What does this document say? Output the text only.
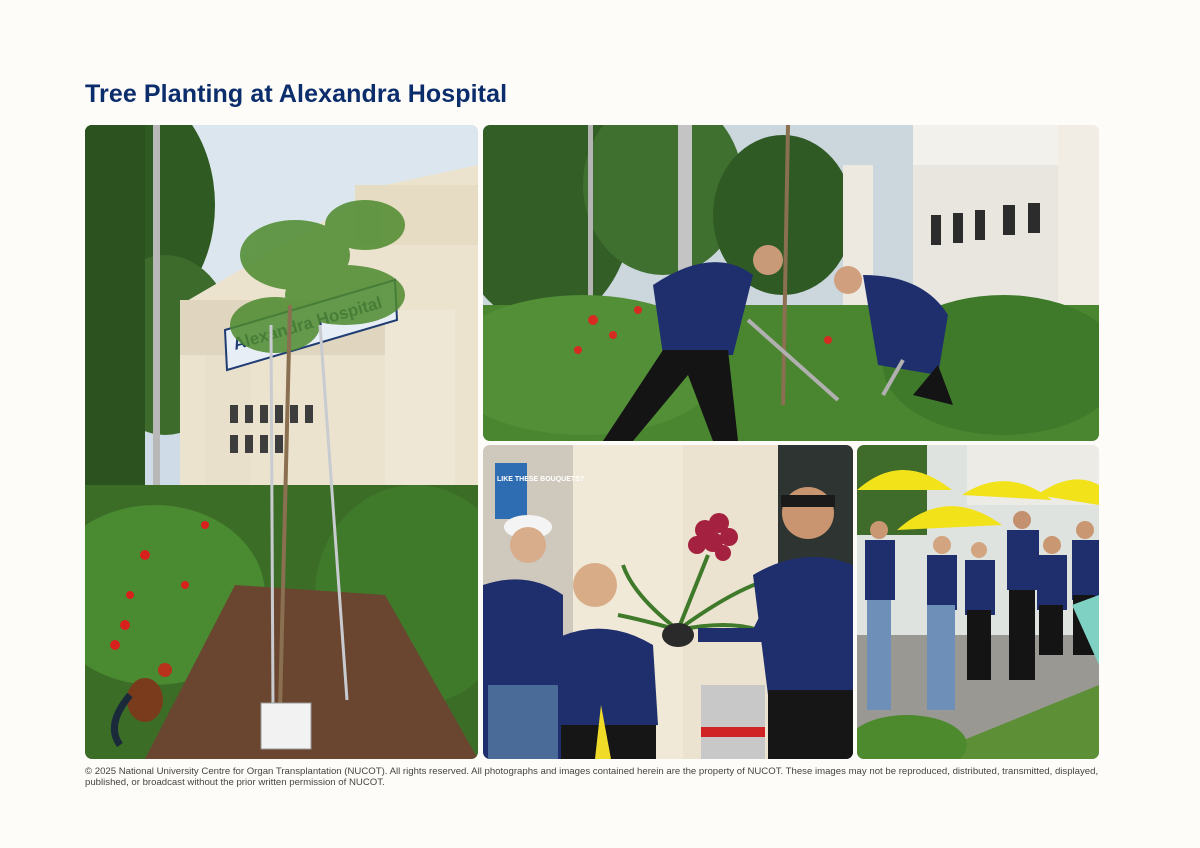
Tree Planting at Alexandra Hospital
LIKE THESE BOUQUETS?

© 2025 National University Centre for Organ Transplantation (NUCOT). All rights reserved. All photographs and images contained herein are the property of NUCOT. These images may not be reproduced, distributed, transmitted, displayed, published, or broadcast without the prior written permission of NUCOT.
